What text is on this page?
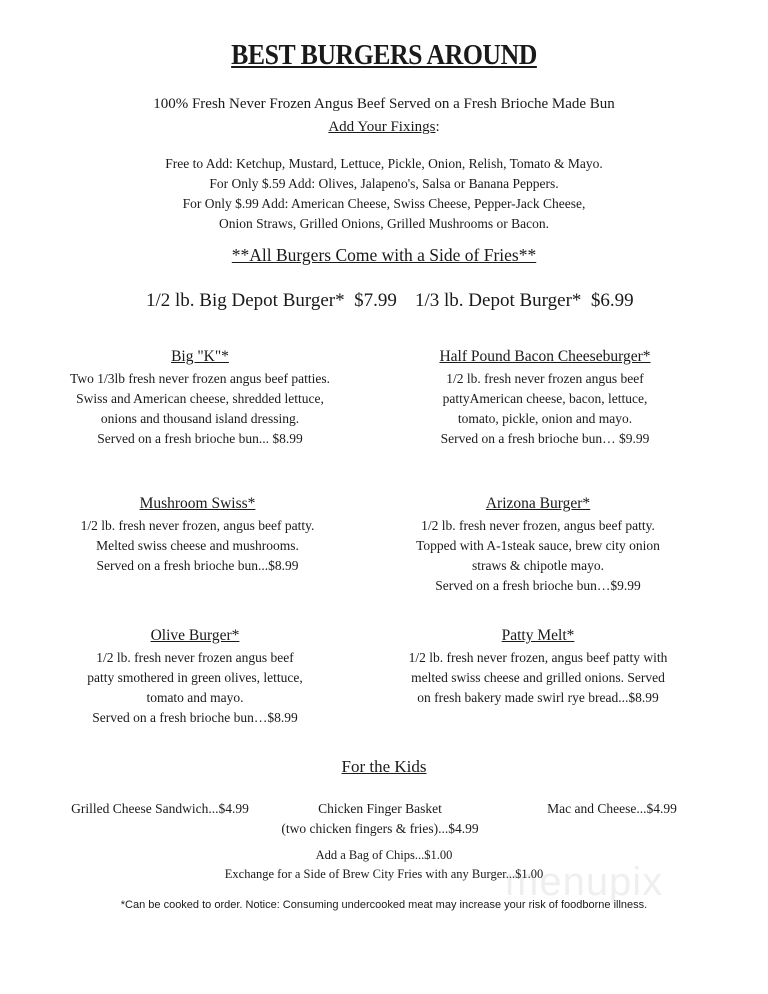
BEST BURGERS AROUND
100% Fresh Never Frozen Angus Beef Served on a Fresh Brioche Made Bun
Add Your Fixings:
Free to Add: Ketchup, Mustard, Lettuce, Pickle, Onion, Relish, Tomato & Mayo.
For Only $.59 Add: Olives, Jalapeno's, Salsa or Banana Peppers.
For Only $.99 Add: American Cheese, Swiss Cheese, Pepper-Jack Cheese,
Onion Straws, Grilled Onions, Grilled Mushrooms or Bacon.
**All Burgers Come with a Side of Fries**
1/2 lb. Big Depot Burger* $7.99 1/3 lb. Depot Burger* $6.99
Big "K"*
Two 1/3lb fresh never frozen angus beef patties.
Swiss and American cheese, shredded lettuce,
onions and thousand island dressing.
Served on a fresh brioche bun... $8.99
Half Pound Bacon Cheeseburger*
1/2 lb. fresh never frozen angus beef
pattyAmerican cheese, bacon, lettuce,
tomato, pickle, onion and mayo.
Served on a fresh brioche bun… $9.99
Mushroom Swiss*
1/2 lb. fresh never frozen, angus beef patty.
Melted swiss cheese and mushrooms.
Served on a fresh brioche bun...$8.99
Arizona Burger*
1/2 lb. fresh never frozen, angus beef patty.
Topped with A-1steak sauce, brew city onion
straws & chipotle mayo.
Served on a fresh brioche bun…$9.99
Olive Burger*
1/2 lb. fresh never frozen angus beef
patty smothered in green olives, lettuce,
tomato and mayo.
Served on a fresh brioche bun…$8.99
Patty Melt*
1/2 lb. fresh never frozen, angus beef patty with
melted swiss cheese and grilled onions. Served
on fresh bakery made swirl rye bread...$8.99
For the Kids
Grilled Cheese Sandwich...$4.99	Chicken Finger Basket
(two chicken fingers & fries)...$4.99
Mac and Cheese...$4.99
Add a Bag of Chips...$1.00
Exchange for a Side of Brew City Fries with any Burger...$1.00
*Can be cooked to order. Notice: Consuming undercooked meat may increase your risk of foodborne illness.
menupix
